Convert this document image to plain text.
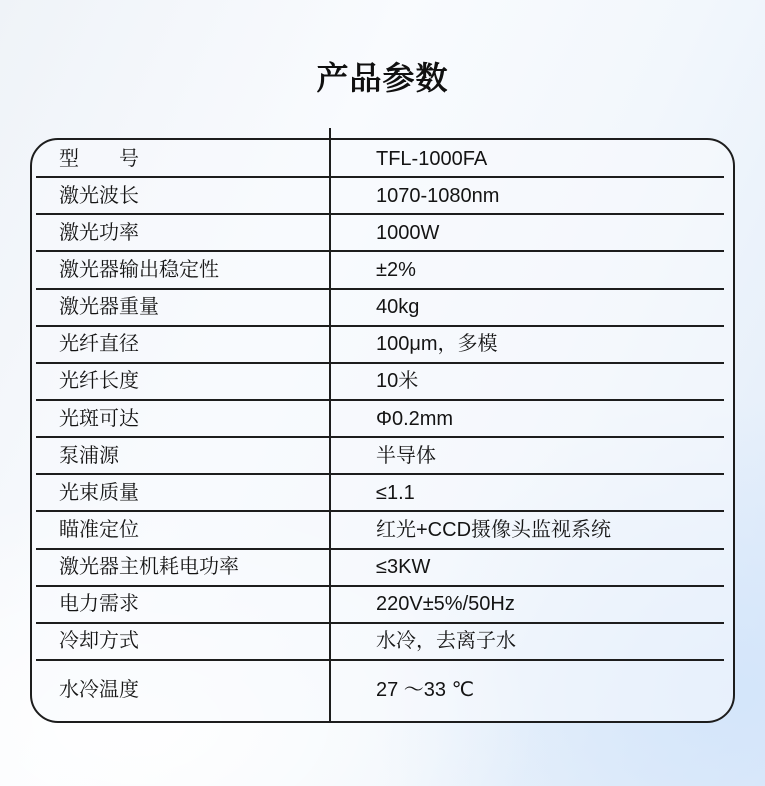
产品参数
型　　号	TFL-1000FA
激光波长	1070-1080nm
激光功率	1000W
激光器输出稳定性	±2%
激光器重量	40kg
光纤直径	100μm，多模
光纤长度	10米
光斑可达	Φ0.2mm
泵浦源	半导体
光束质量	≤1.1
瞄准定位	红光+CCD摄像头监视系统
激光器主机耗电功率	≤3KW
电力需求	220V±5%/50Hz
冷却方式	水冷，去离子水
水冷温度	27 ～33 ℃
